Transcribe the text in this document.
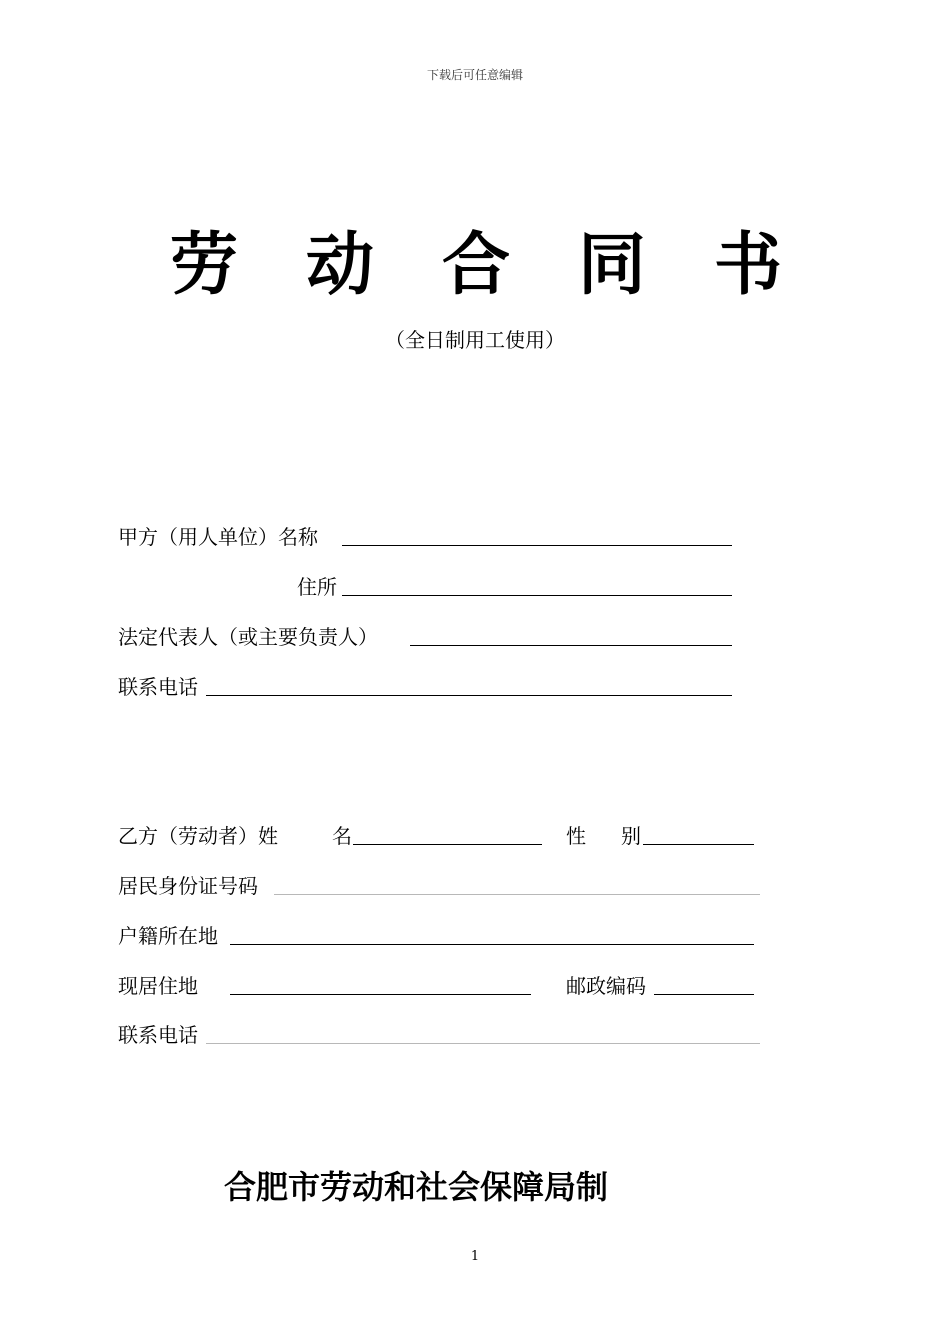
下载后可任意编辑
劳 动 合 同 书
（全日制用工使用）
甲方（用人单位）名称
住所
法定代表人（或主要负责人）
联系电话
乙方（劳动者）姓	名	性 别
居民身份证号码
户籍所在地
现居住地	邮政编码
联系电话
合肥市劳动和社会保障局制
1
